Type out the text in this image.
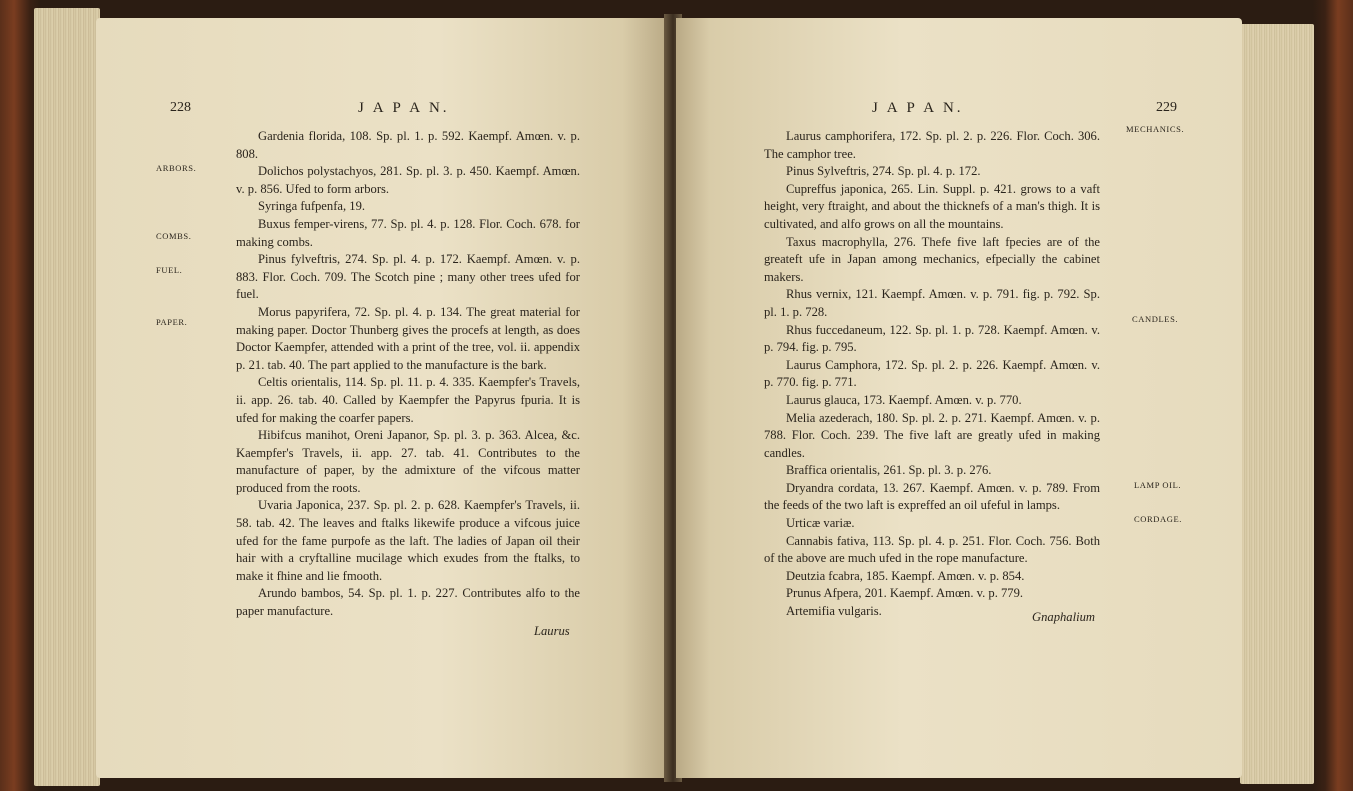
228	J A P A N.
ARBORS.
COMBS.
FUEL.
PAPER.

Gardenia florida, 108. Sp. pl. 1. p. 592. Kaempf. Amœn. v. p. 808.

Dolichos polystachyos, 281. Sp. pl. 3. p. 450. Kaempf. Amœn. v. p. 856. Ufed to form arbors.

Syringa fufpenfa, 19.

Buxus femper-virens, 77. Sp. pl. 4. p. 128. Flor. Coch. 678. for making combs.

Pinus fylveftris, 274. Sp. pl. 4. p. 172. Kaempf. Amœn. v. p. 883. Flor. Coch. 709. The Scotch pine ; many other trees ufed for fuel.

Morus papyrifera, 72. Sp. pl. 4. p. 134. The great material for making paper. Doctor Thunberg gives the procefs at length, as does Doctor Kaempfer, attended with a print of the tree, vol. ii. appendix p. 21. tab. 40. The part applied to the manufacture is the bark.

Celtis orientalis, 114. Sp. pl. 11. p. 4. 335. Kaempfer's Travels, ii. app. 26. tab. 40. Called by Kaempfer the Papyrus fpuria. It is ufed for making the coarfer papers.

Hibifcus manihot, Oreni Japanor, Sp. pl. 3. p. 363. Alcea, &c. Kaempfer's Travels, ii. app. 27. tab. 41. Contributes to the manufacture of paper, by the admixture of the vifcous matter produced from the roots.

Uvaria Japonica, 237. Sp. pl. 2. p. 628. Kaempfer's Travels, ii. 58. tab. 42. The leaves and ftalks likewife produce a vifcous juice ufed for the fame purpofe as the laft. The ladies of Japan oil their hair with a cryftalline mucilage which exudes from the ftalks, to make it fhine and lie fmooth.

Arundo bambos, 54. Sp. pl. 1. p. 227. Contributes alfo to the paper manufacture.

Laurus
J A P A N.	229
MECHANICS.
CANDLES.
LAMP OIL.
CORDAGE.

Laurus camphorifera, 172. Sp. pl. 2. p. 226. Flor. Coch. 306. The camphor tree.

Pinus Sylveftris, 274. Sp. pl. 4. p. 172.

Cupreffus japonica, 265. Lin. Suppl. p. 421. grows to a vaft height, very ftraight, and about the thicknefs of a man's thigh. It is cultivated, and alfo grows on all the mountains.

Taxus macrophylla, 276. Thefe five laft fpecies are of the greateft ufe in Japan among mechanics, efpecially the cabinet makers.

Rhus vernix, 121. Kaempf. Amœn. v. p. 791. fig. p. 792. Sp. pl. 1. p. 728.

Rhus fuccedaneum, 122. Sp. pl. 1. p. 728. Kaempf. Amœn. v. p. 794. fig. p. 795.

Laurus Camphora, 172. Sp. pl. 2. p. 226. Kaempf. Amœn. v. p. 770. fig. p. 771.

Laurus glauca, 173. Kaempf. Amœn. v. p. 770.

Melia azederach, 180. Sp. pl. 2. p. 271. Kaempf. Amœn. v. p. 788. Flor. Coch. 239. The five laft are greatly ufed in making candles.

Braffica orientalis, 261. Sp. pl. 3. p. 276.

Dryandra cordata, 13. 267. Kaempf. Amœn. v. p. 789. From the feeds of the two laft is expreffed an oil ufeful in lamps.

Urticæ variæ.

Cannabis fativa, 113. Sp. pl. 4. p. 251. Flor. Coch. 756. Both of the above are much ufed in the rope manufacture.

Deutzia fcabra, 185. Kaempf. Amœn. v. p. 854.

Prunus Afpera, 201. Kaempf. Amœn. v. p. 779.

Artemifia vulgaris.	Gnaphalium
